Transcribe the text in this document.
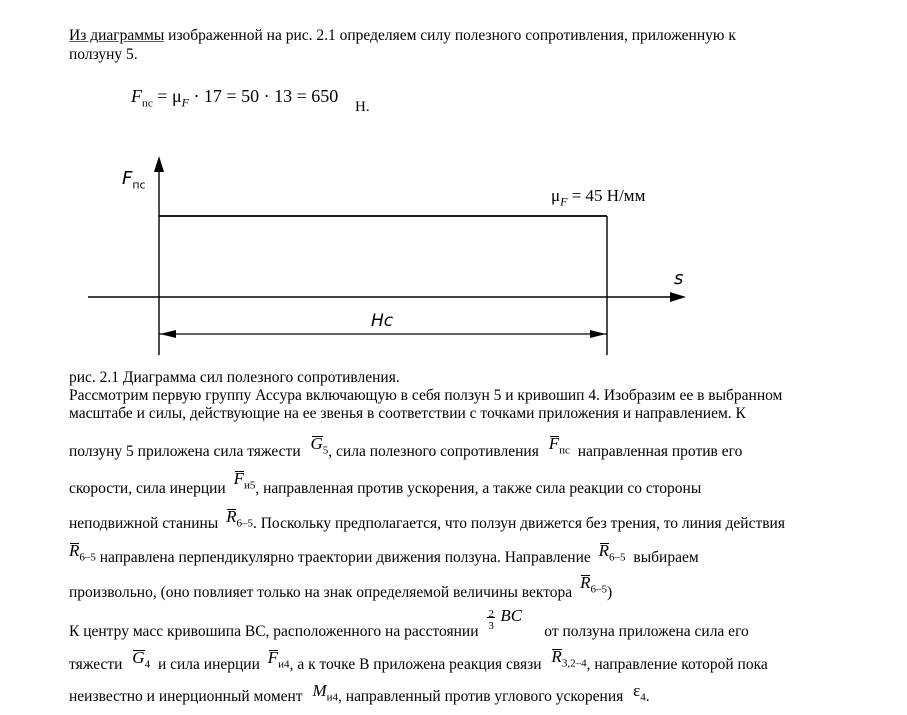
Из диаграммы изображенной на рис. 2.1 определяем силу полезного сопротивления, приложенную к
ползуну 5.
$F_{пс} = \mu_F \cdot 17 = 50 \cdot 13 = 650$
Н.
$F_{пс}$
s
$\mu_F = 45$ Н/мм
Hc
рис. 2.1 Диаграмма сил полезного сопротивления.
Рассмотрим первую группу Ассура включающую в себя ползун 5 и кривошип 4. Изобразим ее в выбранном
масштабе и силы, действующие на ее звенья в соответствии с точками приложения и направлением. К
ползуну 5 приложена сила тяжести $G_5$, сила полезного сопротивления $F_{пс}$ направленная против его
скорости, сила инерции $F_{и5}$, направленная против ускорения, а также сила реакции со стороны
неподвижной станины $R_{6-5}$. Поскольку предполагается, что ползун движется без трения, то линия действия
$R_{6-5}$ направлена перпендикулярно траектории движения ползуна. Направление $R_{6-5}$ выбираем
произвольно, (оно повлияет только на знак определяемой величины вектора $R_{6-5}$)
К центру масс кривошипа ВС, расположенного на расстоянии
2
3
BC
от ползуна приложена сила его
тяжести $G_4$ и сила инерции $F_{и4}$, а к точке В приложена реакция связи $R_{3,2-4}$, направление которой пока
неизвестно и инерционный момент $M_{и4}$, направленный против углового ускорения $\varepsilon_4$.
